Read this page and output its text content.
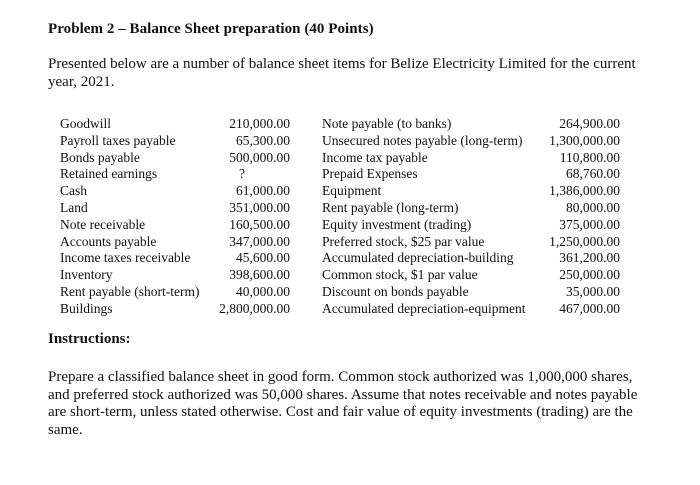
Problem 2 – Balance Sheet preparation (40 Points)
Presented below are a number of balance sheet items for Belize Electricity Limited for the current year, 2021.
Goodwill	210,000.00 Note payable (to banks)	264,900.00
Payroll taxes payable	65,300.00 Unsecured notes payable (long-term)	1,300,000.00
Bonds payable	500,000.00 Income tax payable	110,800.00
Retained earnings	?	Prepaid Expenses	68,760.00
Cash	61,000.00 Equipment	1,386,000.00
Land	351,000.00 Rent payable (long-term)	80,000.00
Note receivable	160,500.00 Equity investment (trading)	375,000.00
Accounts payable	347,000.00 Preferred stock, $25 par value	1,250,000.00
Income taxes receivable	45,600.00 Accumulated depreciation-building	361,200.00
Inventory	398,600.00 Common stock, $1 par value	250,000.00
Rent payable (short-term)	40,000.00 Discount on bonds payable	35,000.00
Buildings	2,800,000.00 Accumulated depreciation-equipment	467,000.00
Instructions:
Prepare a classified balance sheet in good form. Common stock authorized was 1,000,000 shares, and preferred stock authorized was 50,000 shares. Assume that notes receivable and notes payable are short-term, unless stated otherwise. Cost and fair value of equity investments (trading) are the same.
